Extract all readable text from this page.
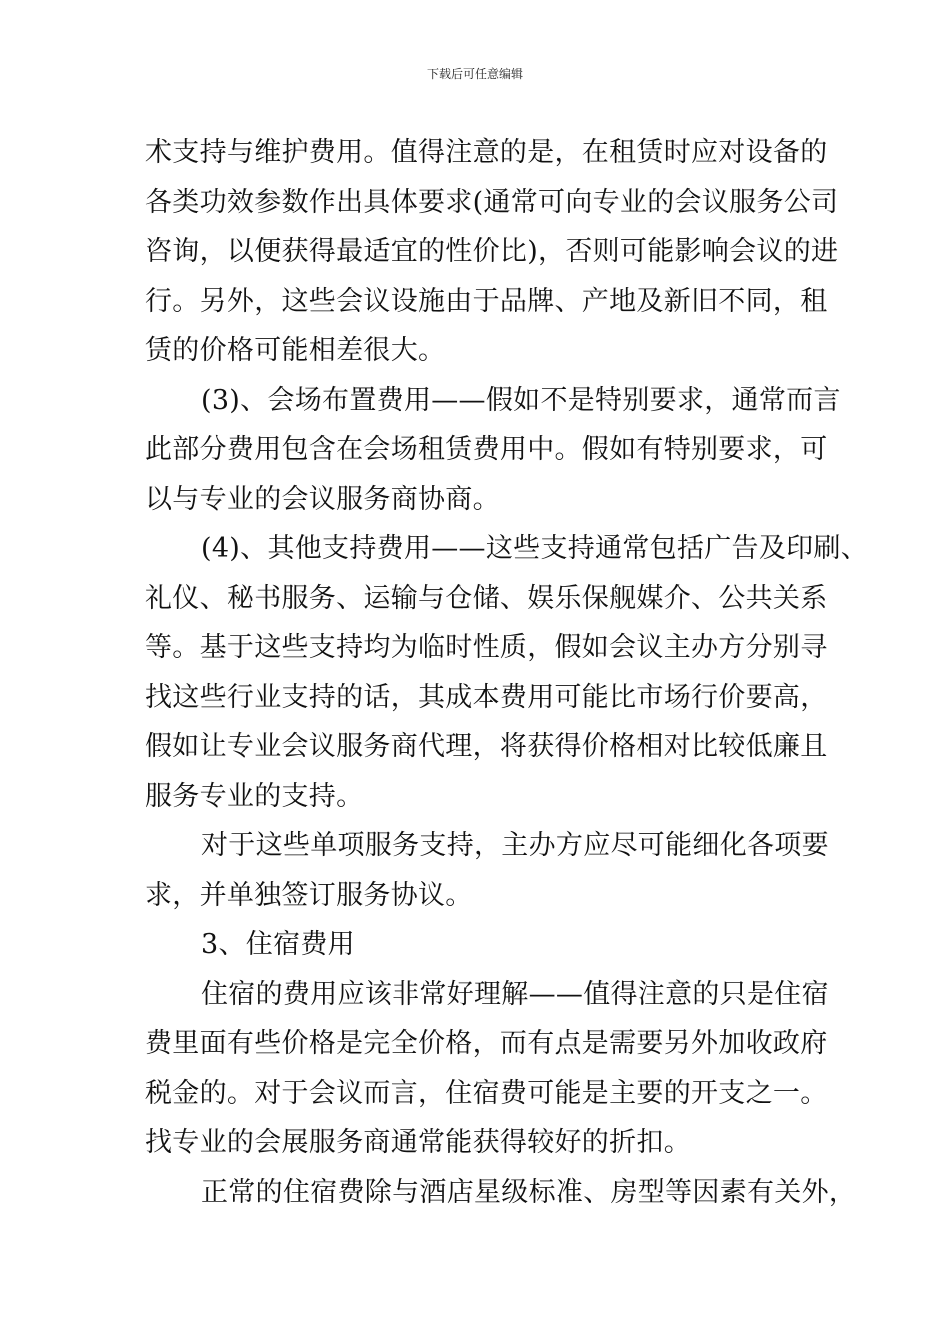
下载后可任意编辑
术支持与维护费用。值得注意的是，在租赁时应对设备的
各类功效参数作出具体要求(通常可向专业的会议服务公司
咨询，以便获得最适宜的性价比)，否则可能影响会议的进
行。另外，这些会议设施由于品牌、产地及新旧不同，租
赁的价格可能相差很大。
(3)、会场布置费用——假如不是特别要求，通常而言
此部分费用包含在会场租赁费用中。假如有特别要求，可
以与专业的会议服务商协商。
(4)、其他支持费用——这些支持通常包括广告及印刷、
礼仪、秘书服务、运输与仓储、娱乐保舰媒介、公共关系
等。基于这些支持均为临时性质，假如会议主办方分别寻
找这些行业支持的话，其成本费用可能比市场行价要高，
假如让专业会议服务商代理，将获得价格相对比较低廉且
服务专业的支持。
对于这些单项服务支持，主办方应尽可能细化各项要
求，并单独签订服务协议。
3、住宿费用
住宿的费用应该非常好理解——值得注意的只是住宿
费里面有些价格是完全价格，而有点是需要另外加收政府
税金的。对于会议而言，住宿费可能是主要的开支之一。
找专业的会展服务商通常能获得较好的折扣。
正常的住宿费除与酒店星级标准、房型等因素有关外，
